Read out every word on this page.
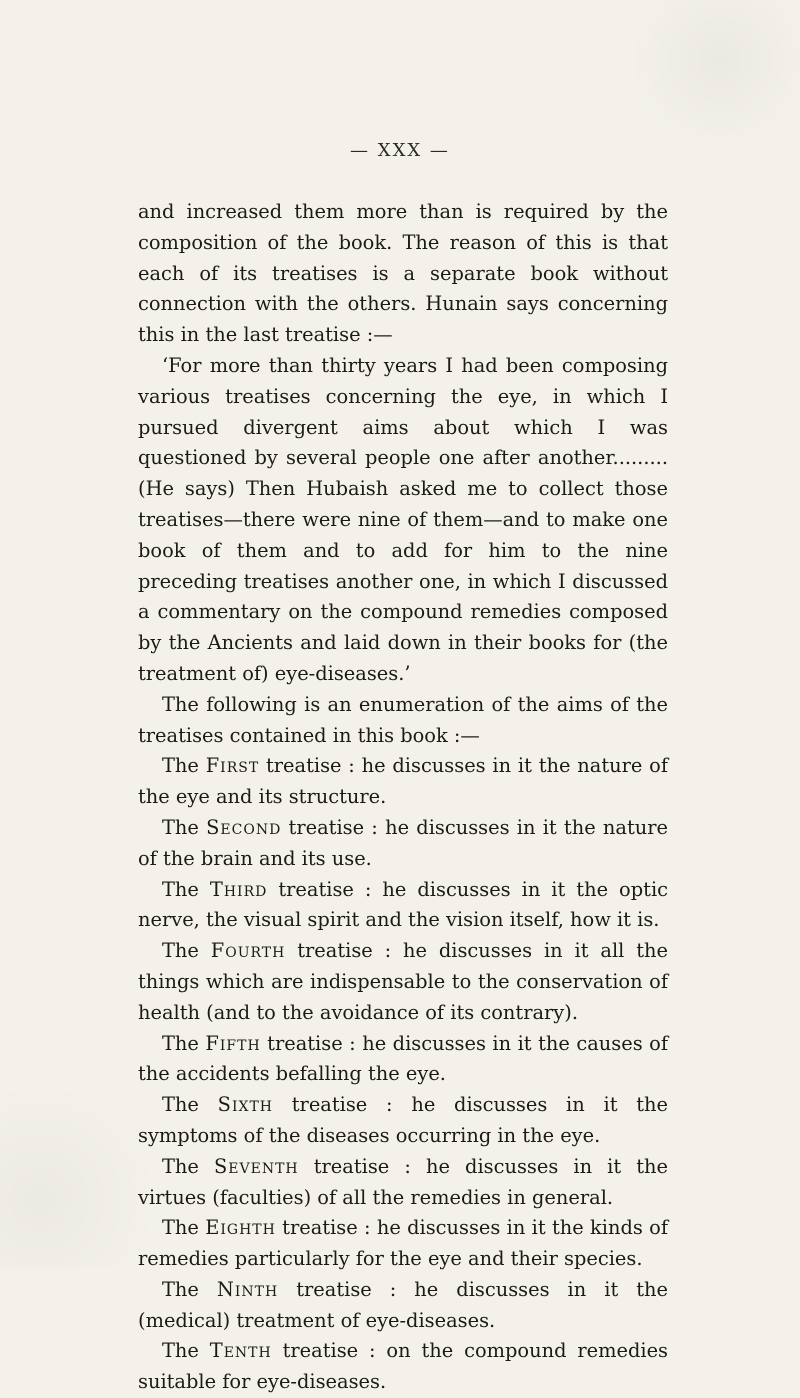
— XXX —

and increased them more than is required by the composition of the book. The reason of this is that each of its treatises is a separate book without connection with the others. Hunain says concerning this in the last treatise :—

‘For more than thirty years I had been composing various treatises concerning the eye, in which I pursued divergent aims about which I was questioned by several people one after another.........(He says) Then Hubaish asked me to collect those treatises—there were nine of them—and to make one book of them and to add for him to the nine preceding treatises another one, in which I discussed a commentary on the compound remedies composed by the Ancients and laid down in their books for (the treatment of) eye-diseases.’

The following is an enumeration of the aims of the treatises contained in this book :—

The First treatise : he discusses in it the nature of the eye and its structure.

The Second treatise : he discusses in it the nature of the brain and its use.

The Third treatise : he discusses in it the optic nerve, the visual spirit and the vision itself, how it is.

The Fourth treatise : he discusses in it all the things which are indispensable to the conservation of health (and to the avoidance of its contrary).

The Fifth treatise : he discusses in it the causes of the accidents befalling the eye.

The Sixth treatise : he discusses in it the symptoms of the diseases occurring in the eye.

The Seventh treatise : he discusses in it the virtues (faculties) of all the remedies in general.

The Eighth treatise : he discusses in it the kinds of remedies particularly for the eye and their species.

The Ninth treatise : he discusses in it the (medical) treatment of eye-diseases.

The Tenth treatise : on the compound remedies suitable for eye-diseases.
